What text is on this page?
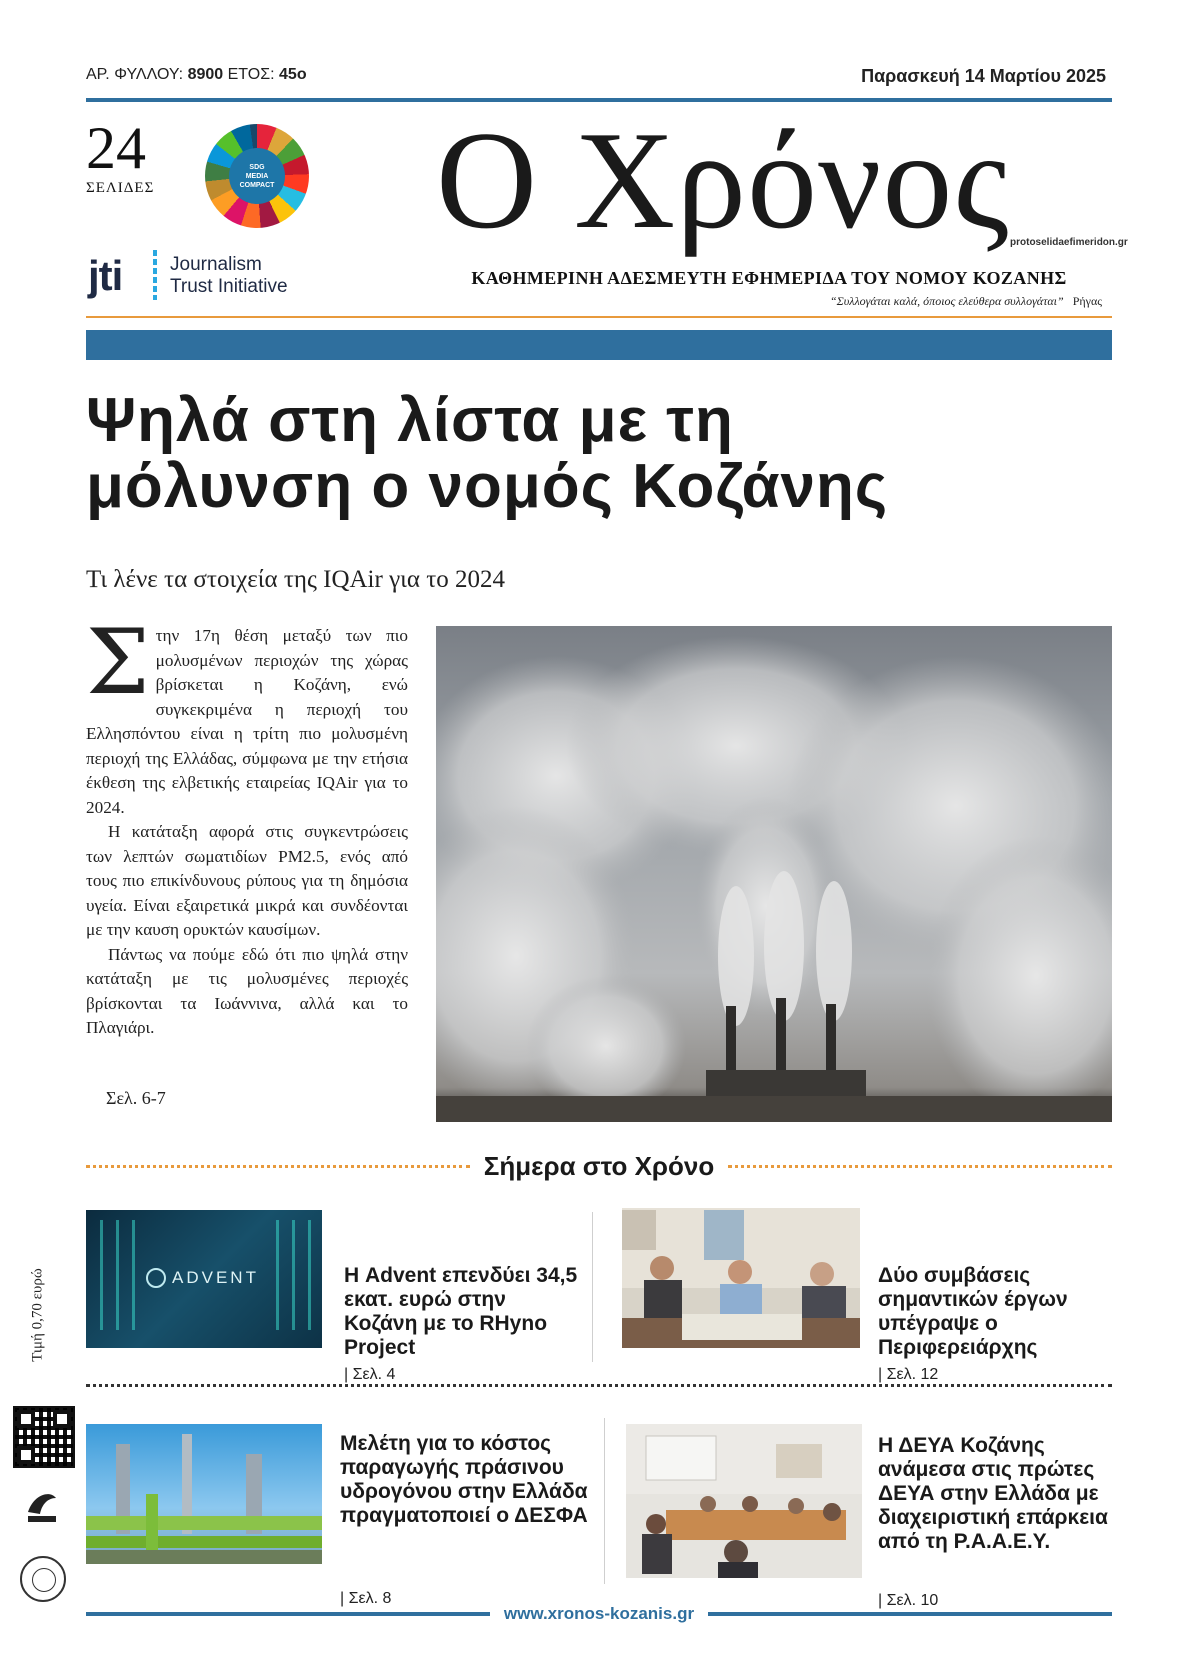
ΑΡ. ΦΥΛΛΟΥ: 8900 ΕΤΟΣ: 45ο	Παρασκευή 14 Μαρτίου 2025
24
ΣΕΛΙΔΕΣ
SDG
MEDIA
COMPACT
jti	Journalism
Trust Initiative
Ο Χρόνος protoselidaefimeridon.gr
ΚΑΘΗΜΕΡΙΝΗ ΑΔΕΣΜΕΥΤΗ ΕΦΗΜΕΡΙΔΑ ΤΟΥ ΝΟΜΟΥ ΚΟΖΑΝΗΣ
“Συλλογάται καλά, όποιος ελεύθερα συλλογάται” Ρήγας
Ψηλά στη λίστα με τη
μόλυνση ο νομός Κοζάνης
Τι λένε τα στοιχεία της IQAir για το 2024

Στην 17η θέση μεταξύ των πιο μολυσμένων περιοχών της χώρας βρίσκεται η Κοζάνη, ενώ συγκεκριμένα η περιοχή του Ελλησπόντου είναι η τρίτη πιο μολυσμένη περιοχή της Ελλάδας, σύμφωνα με την ετήσια έκθεση της ελβετικής εταιρείας IQAir για το 2024.

Η κατάταξη αφορά στις συγκεντρώσεις των λεπτών σωματιδίων PM2.5, ενός από τους πιο επικίνδυνους ρύπους για τη δημόσια υγεία. Είναι εξαιρετικά μικρά και συνδέονται με την καυση ορυκτών καυσίμων.

Πάντως να πούμε εδώ ότι πιο ψηλά στην κατάταξη με τις μολυσμένες περιοχές βρίσκονται τα Ιωάννινα, αλλά και το Πλαγιάρι.

Σελ. 6-7
Σήμερα στο Χρόνο
ADVENT	Η Advent επενδύει 34,5 εκατ. ευρώ στην Κοζάνη με το RHyno Project
| Σελ. 4
Δύο συμβάσεις σημαντικών έργων υπέγραψε ο Περιφερειάρχης
| Σελ. 12
Μελέτη για το κόστος παραγωγής πράσινου υδρογόνου στην Ελλάδα πραγματοποιεί ο ΔΕΣΦΑ
| Σελ. 8
Η ΔΕΥΑ Κοζάνης ανάμεσα στις πρώτες ΔΕΥΑ στην Ελλάδα με διαχειριστική επάρκεια από τη Ρ.Α.Α.Ε.Υ.
| Σελ. 10
Τιμή 0,70 ευρώ
www.xronos-kozanis.gr
